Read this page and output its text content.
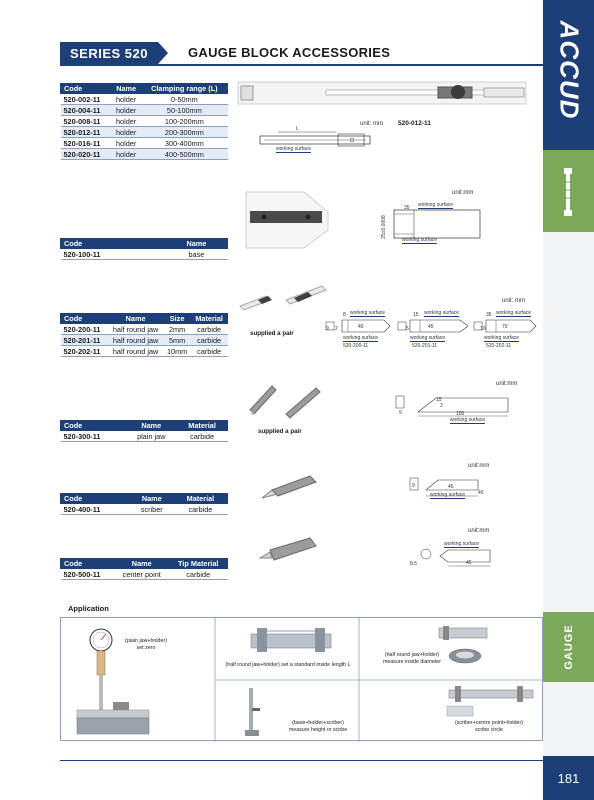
ACCUD
GAUGE
181
SERIES 520	GAUGE BLOCK ACCESSORIES
Code	Name	Clamping range (L)
520-002-11	holder	0-50mm
520-004-11	holder	50-100mm
520-008-11	holder	100-200mm
520-012-11	holder	200-300mm
520-016-11	holder	300-400mm
520-020-11	holder	400-500mm
unit: mm 520-012-11
L
working surface
unit:mm
35 working surface
25±0.0008
working surface
Code	Name
520-100-11	base
supplied a pair
unit: mm
8 working surface
40
2
9
working surface
520-200-11
15 working surface
45
5
working surface
520-201-11
35 working surface
70
10
working surface
520-202-11
Code	Name	Size	Material
520-200-11	half round jaw	2mm	carbide
520-201-11	half round jaw	5mm	carbide
520-202-11	half round jaw	10mm	carbide
supplied a pair
unit:mm
15
3
9	100
working surface
Code	Name	Material
520-300-11	plain jaw	carbide
unit:mm
9	45
40
working surface
Code	Name	Material
520-400-11	scriber	carbide
unit:mm
working surface
8.5	45
Code	Name	Tip Material
520-500-11	center point	carbide
Application
(plain jaw+holder)
set zero
(half round jaw+holder) set a standard inside length L
(half round jaw+holder)
measure inside diameter
(base+holder+scriber)
measure height or scribe
(scriber+centre point+holder)
scribe circle
